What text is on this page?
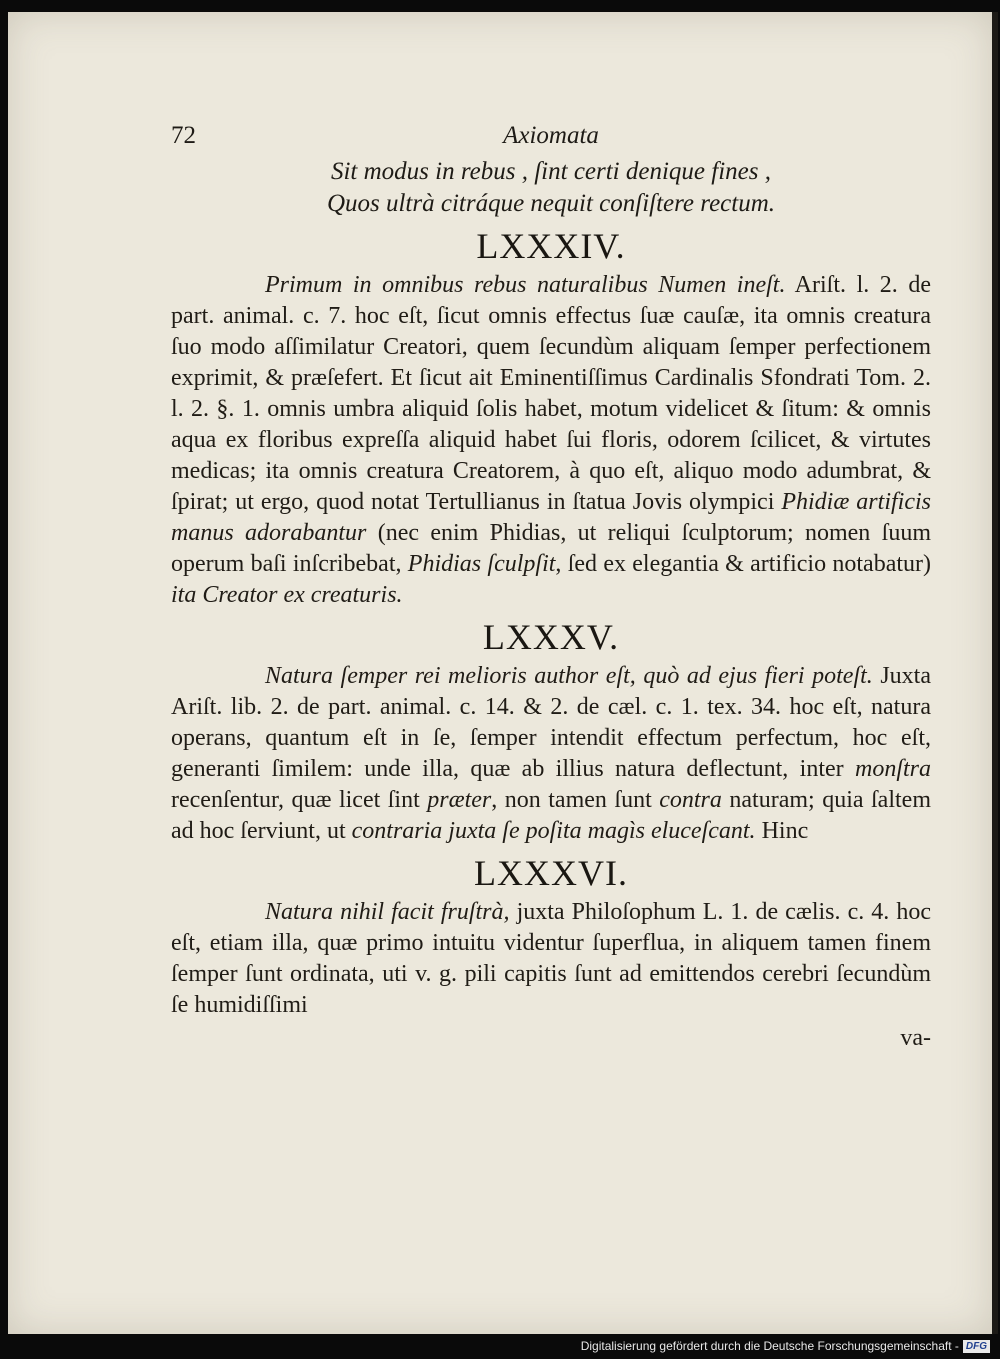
72	Axiomata

Sit modus in rebus , ſint certi denique fines ,

Quos ultrà citráque nequit conſiſtere rectum.

LXXXIV.

Primum in omnibus rebus naturalibus Numen ineſt. Ariſt. l. 2. de part. animal. c. 7. hoc eſt, ſicut omnis effectus ſuæ cauſæ, ita omnis creatura ſuo modo aſſimilatur Creatori, quem ſecundùm aliquam ſemper perfectionem exprimit, & præſefert. Et ſicut ait Eminentiſſimus Cardinalis Sfondrati Tom. 2. l. 2. §. 1. omnis umbra aliquid ſolis habet, motum videlicet & ſitum: & omnis aqua ex floribus expreſſa aliquid habet ſui floris, odorem ſcilicet, & virtutes medicas; ita omnis creatura Creatorem, à quo eſt, aliquo modo adumbrat, & ſpirat; ut ergo, quod notat Tertullianus in ſtatua Jovis olympici Phidiæ artificis manus adorabantur (nec enim Phidias, ut reliqui ſculptorum; nomen ſuum operum baſi inſcribebat, Phidias ſculpſit, ſed ex elegantia & artificio notabatur) ita Creator ex creaturis.

LXXXV.

Natura ſemper rei melioris author eſt, quò ad ejus fieri poteſt. Juxta Ariſt. lib. 2. de part. animal. c. 14. & 2. de cæl. c. 1. tex. 34. hoc eſt, natura operans, quantum eſt in ſe, ſemper intendit effectum perfectum, hoc eſt, generanti ſimilem: unde illa, quæ ab illius natura deflectunt, inter monſtra recenſentur, quæ licet ſint præter, non tamen ſunt contra naturam; quia ſaltem ad hoc ſerviunt, ut contraria juxta ſe poſita magìs eluceſcant. Hinc

LXXXVI.

Natura nihil facit fruſtrà, juxta Philoſophum L. 1. de cælis. c. 4. hoc eſt, etiam illa, quæ primo intuitu videntur ſuperflua, in aliquem tamen finem ſemper ſunt ordinata, uti v. g. pili capitis ſunt ad emittendos cerebri ſecundùm ſe humidiſſimi

va-
Digitalisierung gefördert durch die Deutsche Forschungsgemeinschaft - DFG
